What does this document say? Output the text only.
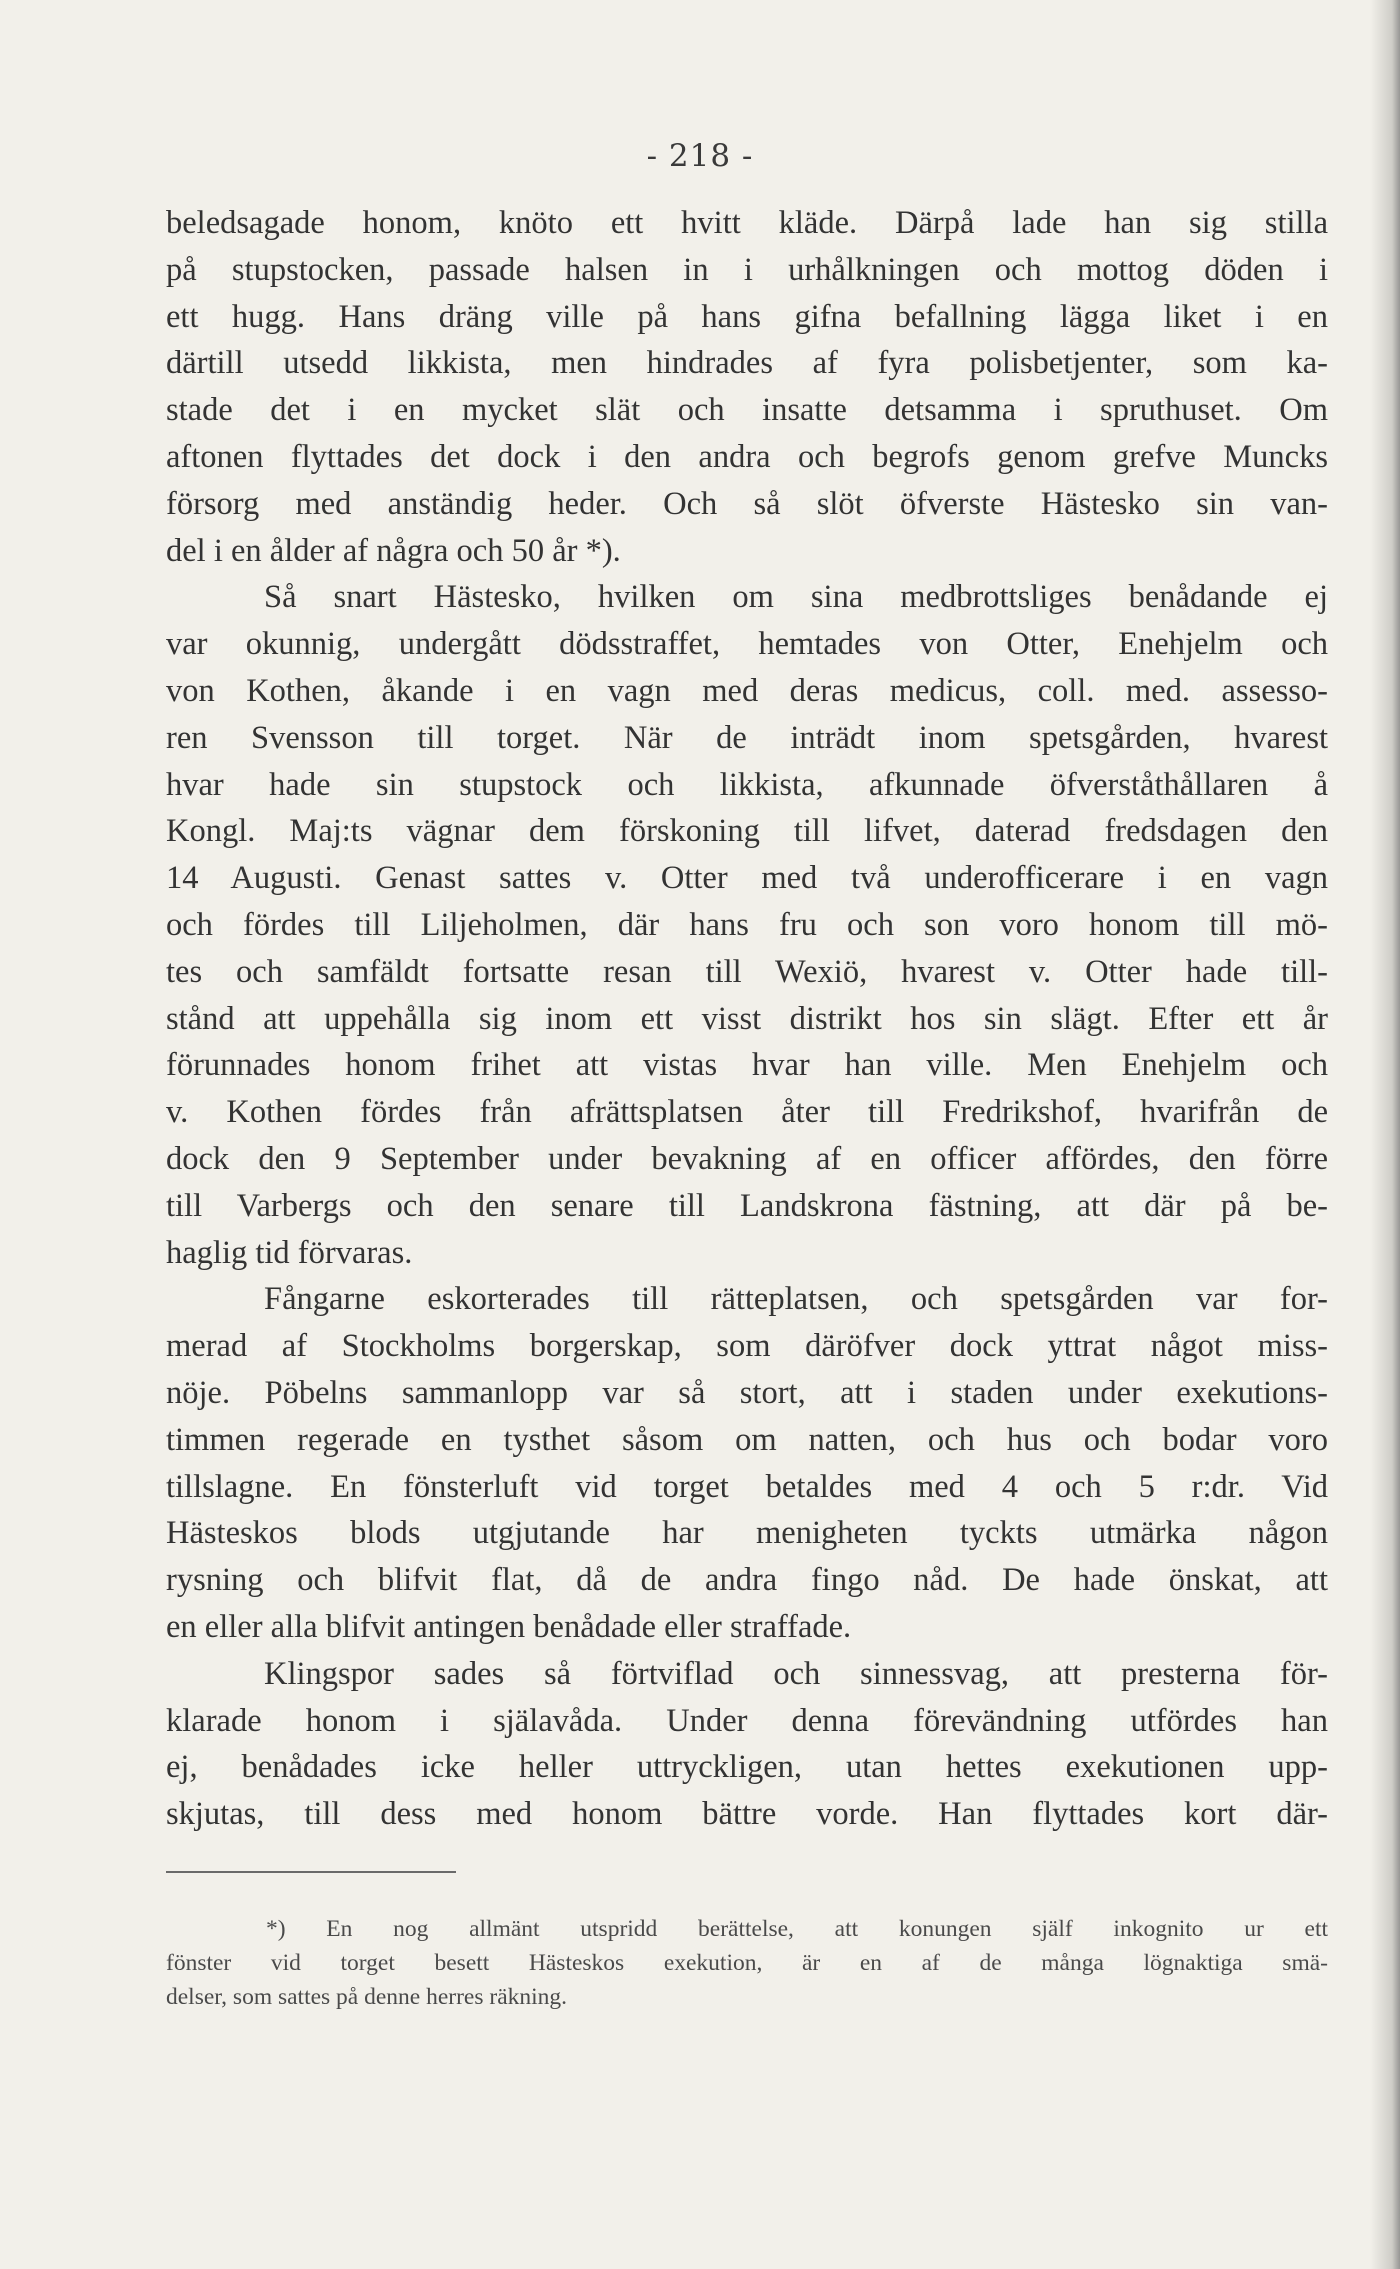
- 218 -
beledsagade honom, knöto ett hvitt kläde. Därpå lade han sig stilla
på stupstocken, passade halsen in i urhålkningen och mottog döden i
ett hugg. Hans dräng ville på hans gifna befallning lägga liket i en
därtill utsedd likkista, men hindrades af fyra polisbetjenter, som ka-
stade det i en mycket slät och insatte detsamma i spruthuset. Om
aftonen flyttades det dock i den andra och begrofs genom grefve Muncks
försorg med anständig heder. Och så slöt öfverste Hästesko sin van-
del i en ålder af några och 50 år *).
Så snart Hästesko, hvilken om sina medbrottsliges benådande ej
var okunnig, undergått dödsstraffet, hemtades von Otter, Enehjelm och
von Kothen, åkande i en vagn med deras medicus, coll. med. assesso-
ren Svensson till torget. När de inträdt inom spetsgården, hvarest
hvar hade sin stupstock och likkista, afkunnade öfverståthållaren å
Kongl. Maj:ts vägnar dem förskoning till lifvet, daterad fredsdagen den
14 Augusti. Genast sattes v. Otter med två underofficerare i en vagn
och fördes till Liljeholmen, där hans fru och son voro honom till mö-
tes och samfäldt fortsatte resan till Wexiö, hvarest v. Otter hade till-
stånd att uppehålla sig inom ett visst distrikt hos sin slägt. Efter ett år
förunnades honom frihet att vistas hvar han ville. Men Enehjelm och
v. Kothen fördes från afrättsplatsen åter till Fredrikshof, hvarifrån de
dock den 9 September under bevakning af en officer affördes, den förre
till Varbergs och den senare till Landskrona fästning, att där på be-
haglig tid förvaras.
Fångarne eskorterades till rätteplatsen, och spetsgården var for-
merad af Stockholms borgerskap, som däröfver dock yttrat något miss-
nöje. Pöbelns sammanlopp var så stort, att i staden under exekutions-
timmen regerade en tysthet såsom om natten, och hus och bodar voro
tillslagne. En fönsterluft vid torget betaldes med 4 och 5 r:dr. Vid
Hästeskos blods utgjutande har menigheten tyckts utmärka någon
rysning och blifvit flat, då de andra fingo nåd. De hade önskat, att
en eller alla blifvit antingen benådade eller straffade.
Klingspor sades så förtviflad och sinnessvag, att presterna för-
klarade honom i själavåda. Under denna förevändning utfördes han
ej, benådades icke heller uttryckligen, utan hettes exekutionen upp-
skjutas, till dess med honom bättre vorde. Han flyttades kort där-
*) En nog allmänt utspridd berättelse, att konungen själf inkognito ur ett
fönster vid torget besett Hästeskos exekution, är en af de många lögnaktiga smä-
delser, som sattes på denne herres räkning.
